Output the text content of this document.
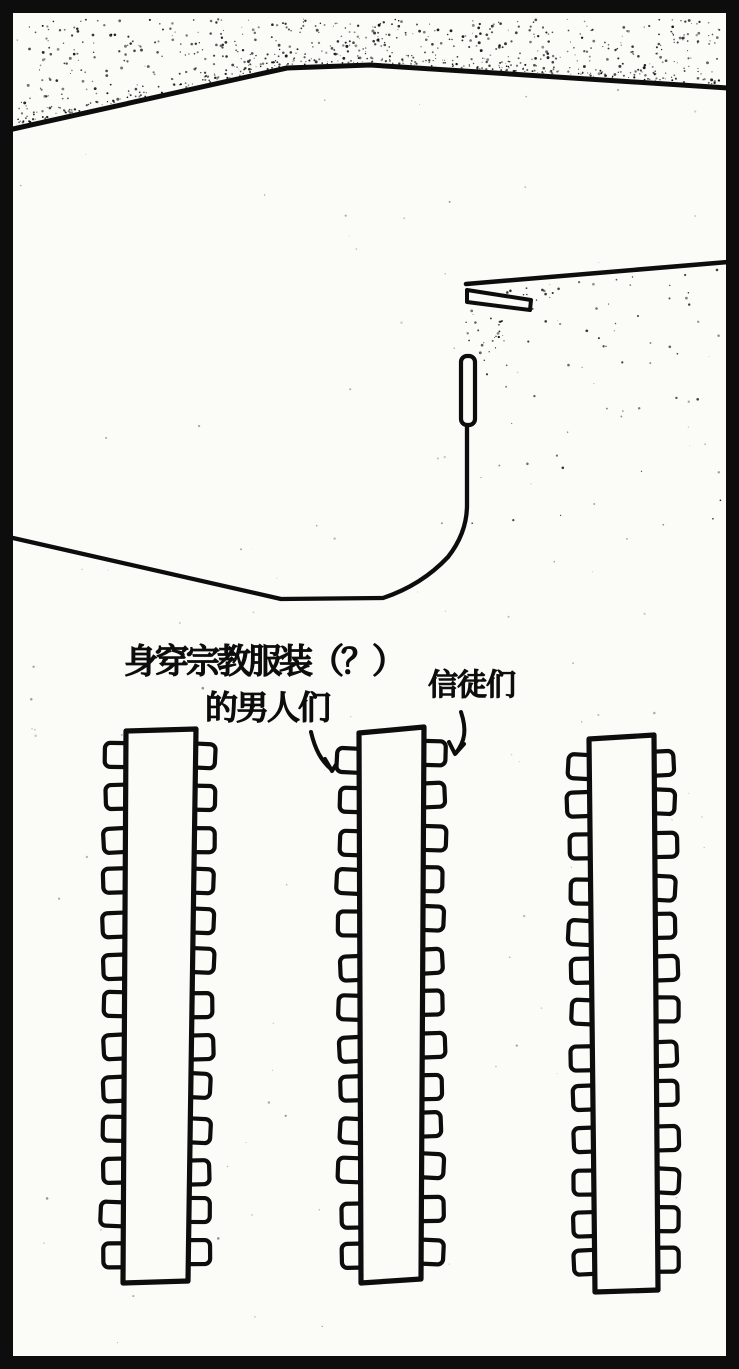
身穿宗教服装（？）
的男人们
信徒们
